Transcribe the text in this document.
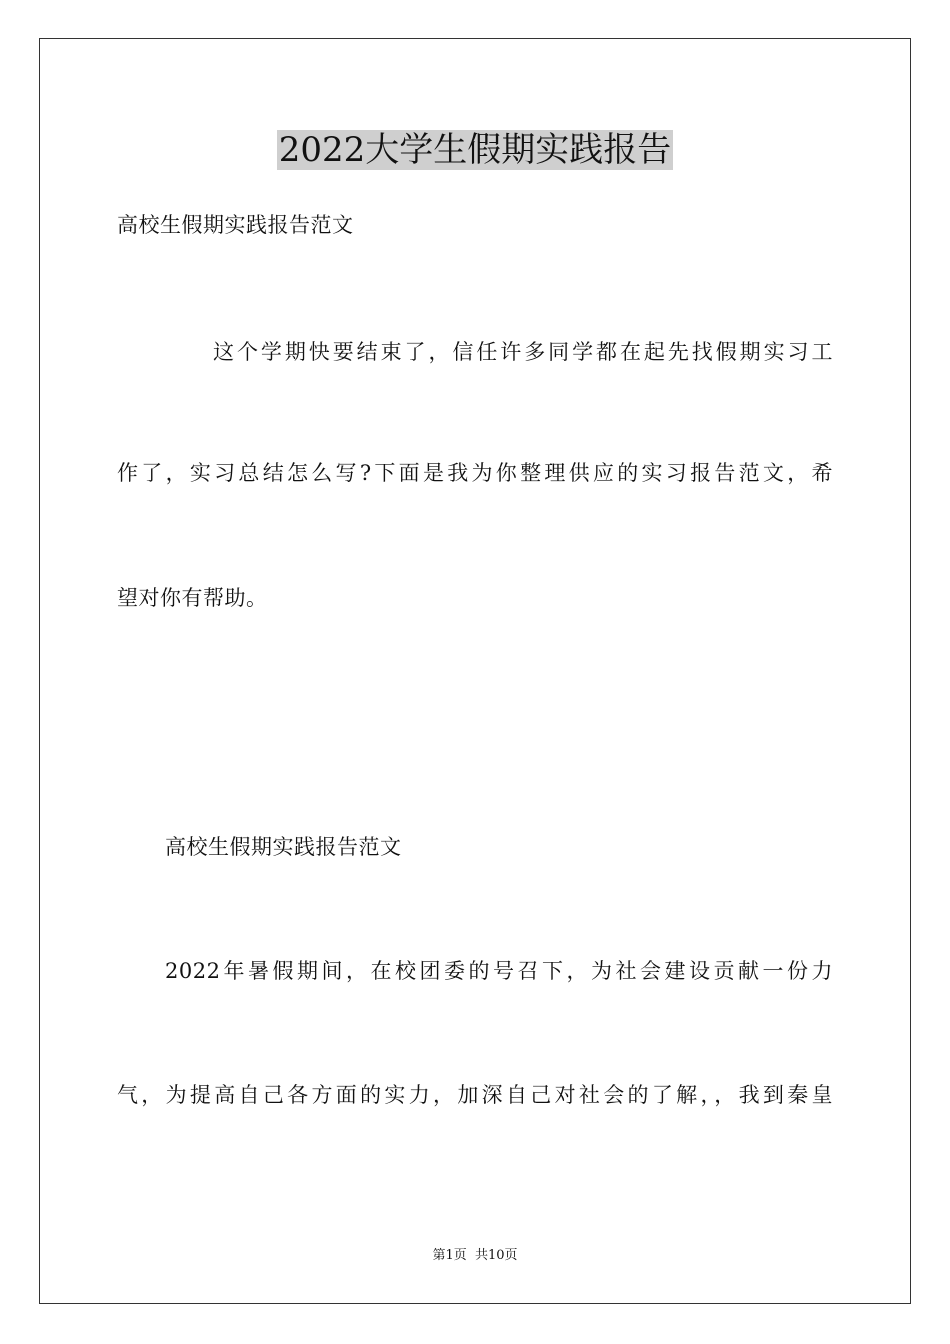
2022大学生假期实践报告
高校生假期实践报告范文
这个学期快要结束了，信任许多同学都在起先找假期实习工
作了，实习总结怎么写?下面是我为你整理供应的实习报告范文，希
望对你有帮助。
高校生假期实践报告范文
2022年暑假期间，在校团委的号召下，为社会建设贡献一份力
气，为提高自己各方面的实力，加深自己对社会的了解，，我到秦皇
第1页  共10页
